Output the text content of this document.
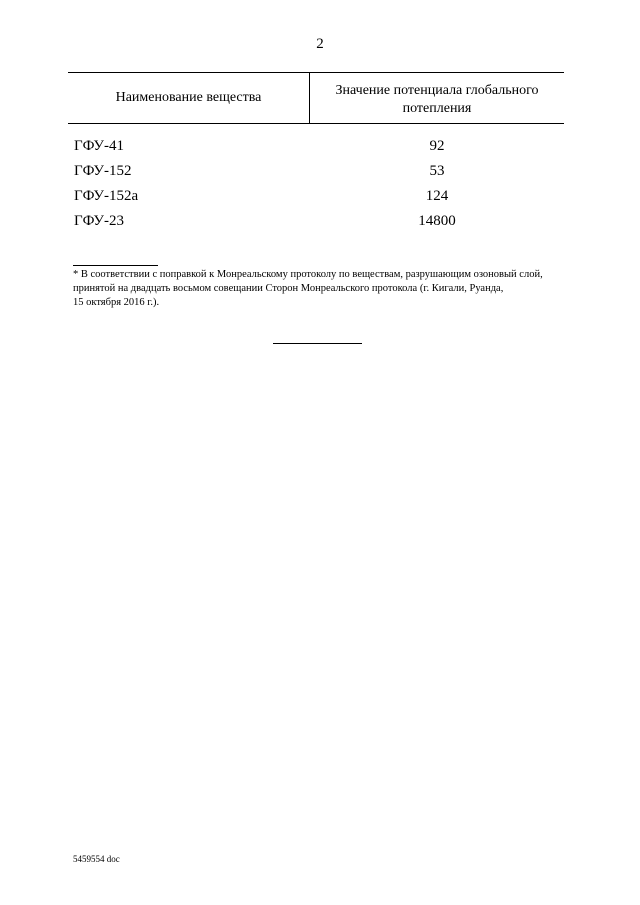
2
Наименование вещества	Значение потенциала глобального
потепления
ГФУ-41	92
ГФУ-152	53
ГФУ-152а	124
ГФУ-23	14800

* В соответствии с поправкой к Монреальскому протоколу по веществам, разрушающим озоновый слой,

принятой на двадцать восьмом совещании Сторон Монреальского протокола (г. Кигали, Руанда,

15 октября 2016 г.).

5459554 doc
